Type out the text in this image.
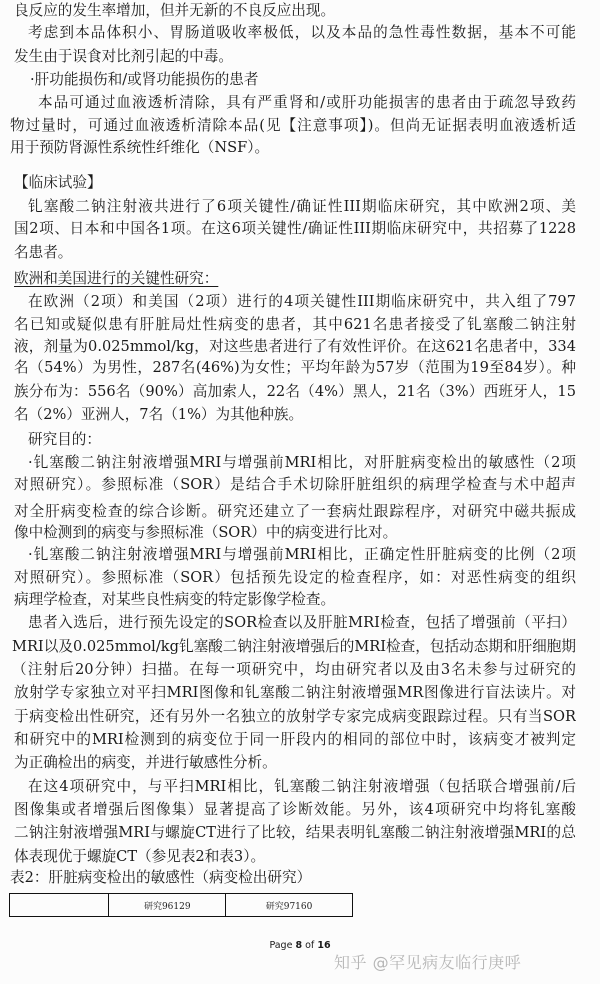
良反应的发生率增加，但并无新的不良反应出现。
考虑到本品体积小、胃肠道吸收率极低，以及本品的急性毒性数据，基本不可能
发生由于误食对比剂引起的中毒。
·肝功能损伤和/或肾功能损伤的患者
本品可通过血液透析清除，具有严重肾和/或肝功能损害的患者由于疏忽导致药
物过量时，可通过血液透析清除本品(见【注意事项】)。但尚无证据表明血液透析适
用于预防肾源性系统性纤维化（NSF）。
【临床试验】
钆塞酸二钠注射液共进行了6项关键性/确证性III期临床研究，其中欧洲2项、美
国2项、日本和中国各1项。在这6项关键性/确证性III期临床研究中，共招募了1228
名患者。
欧洲和美国进行的关键性研究：
在欧洲（2项）和美国（2项）进行的4项关键性III期临床研究中，共入组了797
名已知或疑似患有肝脏局灶性病变的患者，其中621名患者接受了钆塞酸二钠注射
液，剂量为0.025mmol/kg，对这些患者进行了有效性评价。在这621名患者中，334
名（54%）为男性，287名(46%)为女性；平均年龄为57岁（范围为19至84岁）。种
族分布为：556名（90%）高加索人，22名（4%）黑人，21名（3%）西班牙人，15
名（2%）亚洲人，7名（1%）为其他种族。
研究目的：
·钆塞酸二钠注射液增强MRI与增强前MRI相比，对肝脏病变检出的敏感性（2项
对照研究）。参照标准（SOR）是结合手术切除肝脏组织的病理学检查与术中超声
对全肝病变检查的综合诊断。研究还建立了一套病灶跟踪程序，对研究中磁共振成
像中检测到的病变与参照标准（SOR）中的病变进行比对。
·钆塞酸二钠注射液增强MRI与增强前MRI相比，正确定性肝脏病变的比例（2项
对照研究）。参照标准（SOR）包括预先设定的检查程序，如：对恶性病变的组织
病理学检查，对某些良性病变的特定影像学检查。
患者入选后，进行预先设定的SOR检查以及肝脏MRI检查，包括了增强前（平扫）
MRI以及0.025mmol/kg钆塞酸二钠注射液增强后的MRI检查，包括动态期和肝细胞期
（注射后20分钟）扫描。在每一项研究中，均由研究者以及由3名未参与过研究的
放射学专家独立对平扫MRI图像和钆塞酸二钠注射液增强MR图像进行盲法读片。对
于病变检出性研究，还有另外一名独立的放射学专家完成病变跟踪过程。只有当SOR
和研究中的MRI检测到的病变位于同一肝段内的相同的部位中时，该病变才被判定
为正确检出的病变，并进行敏感性分析。
在这4项研究中，与平扫MRI相比，钆塞酸二钠注射液增强（包括联合增强前/后
图像集或者增强后图像集）显著提高了诊断效能。另外，该4项研究中均将钆塞酸
二钠注射液增强MRI与螺旋CT进行了比较，结果表明钆塞酸二钠注射液增强MRI的总
体表现优于螺旋CT（参见表2和表3）。
表2：肝脏病变检出的敏感性（病变检出研究）
	研究96129	研究97160
Page 8 of 16
知乎 @罕见病友临行庚呼
